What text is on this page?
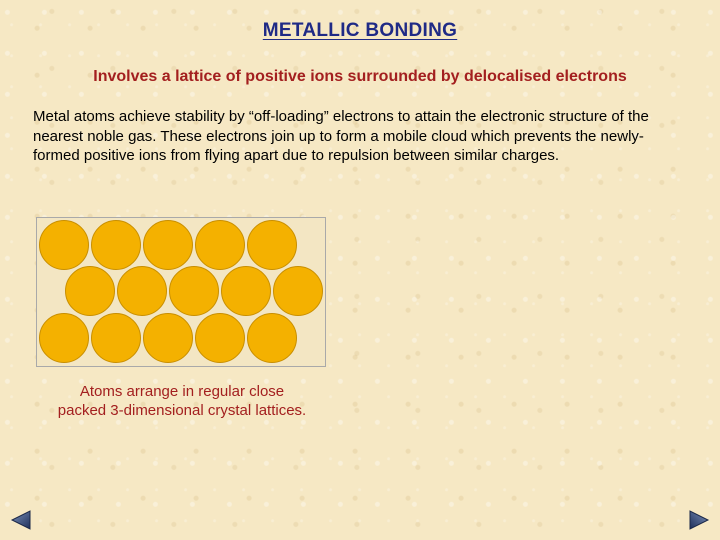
METALLIC BONDING
Involves a lattice of positive ions surrounded by delocalised electrons
Metal atoms achieve stability by “off-loading” electrons to attain the electronic structure of the nearest noble gas. These electrons join up to form a mobile cloud which prevents the newly-formed positive ions from flying apart due to repulsion between similar charges.
Atoms arrange in regular close
packed 3-dimensional crystal lattices.
